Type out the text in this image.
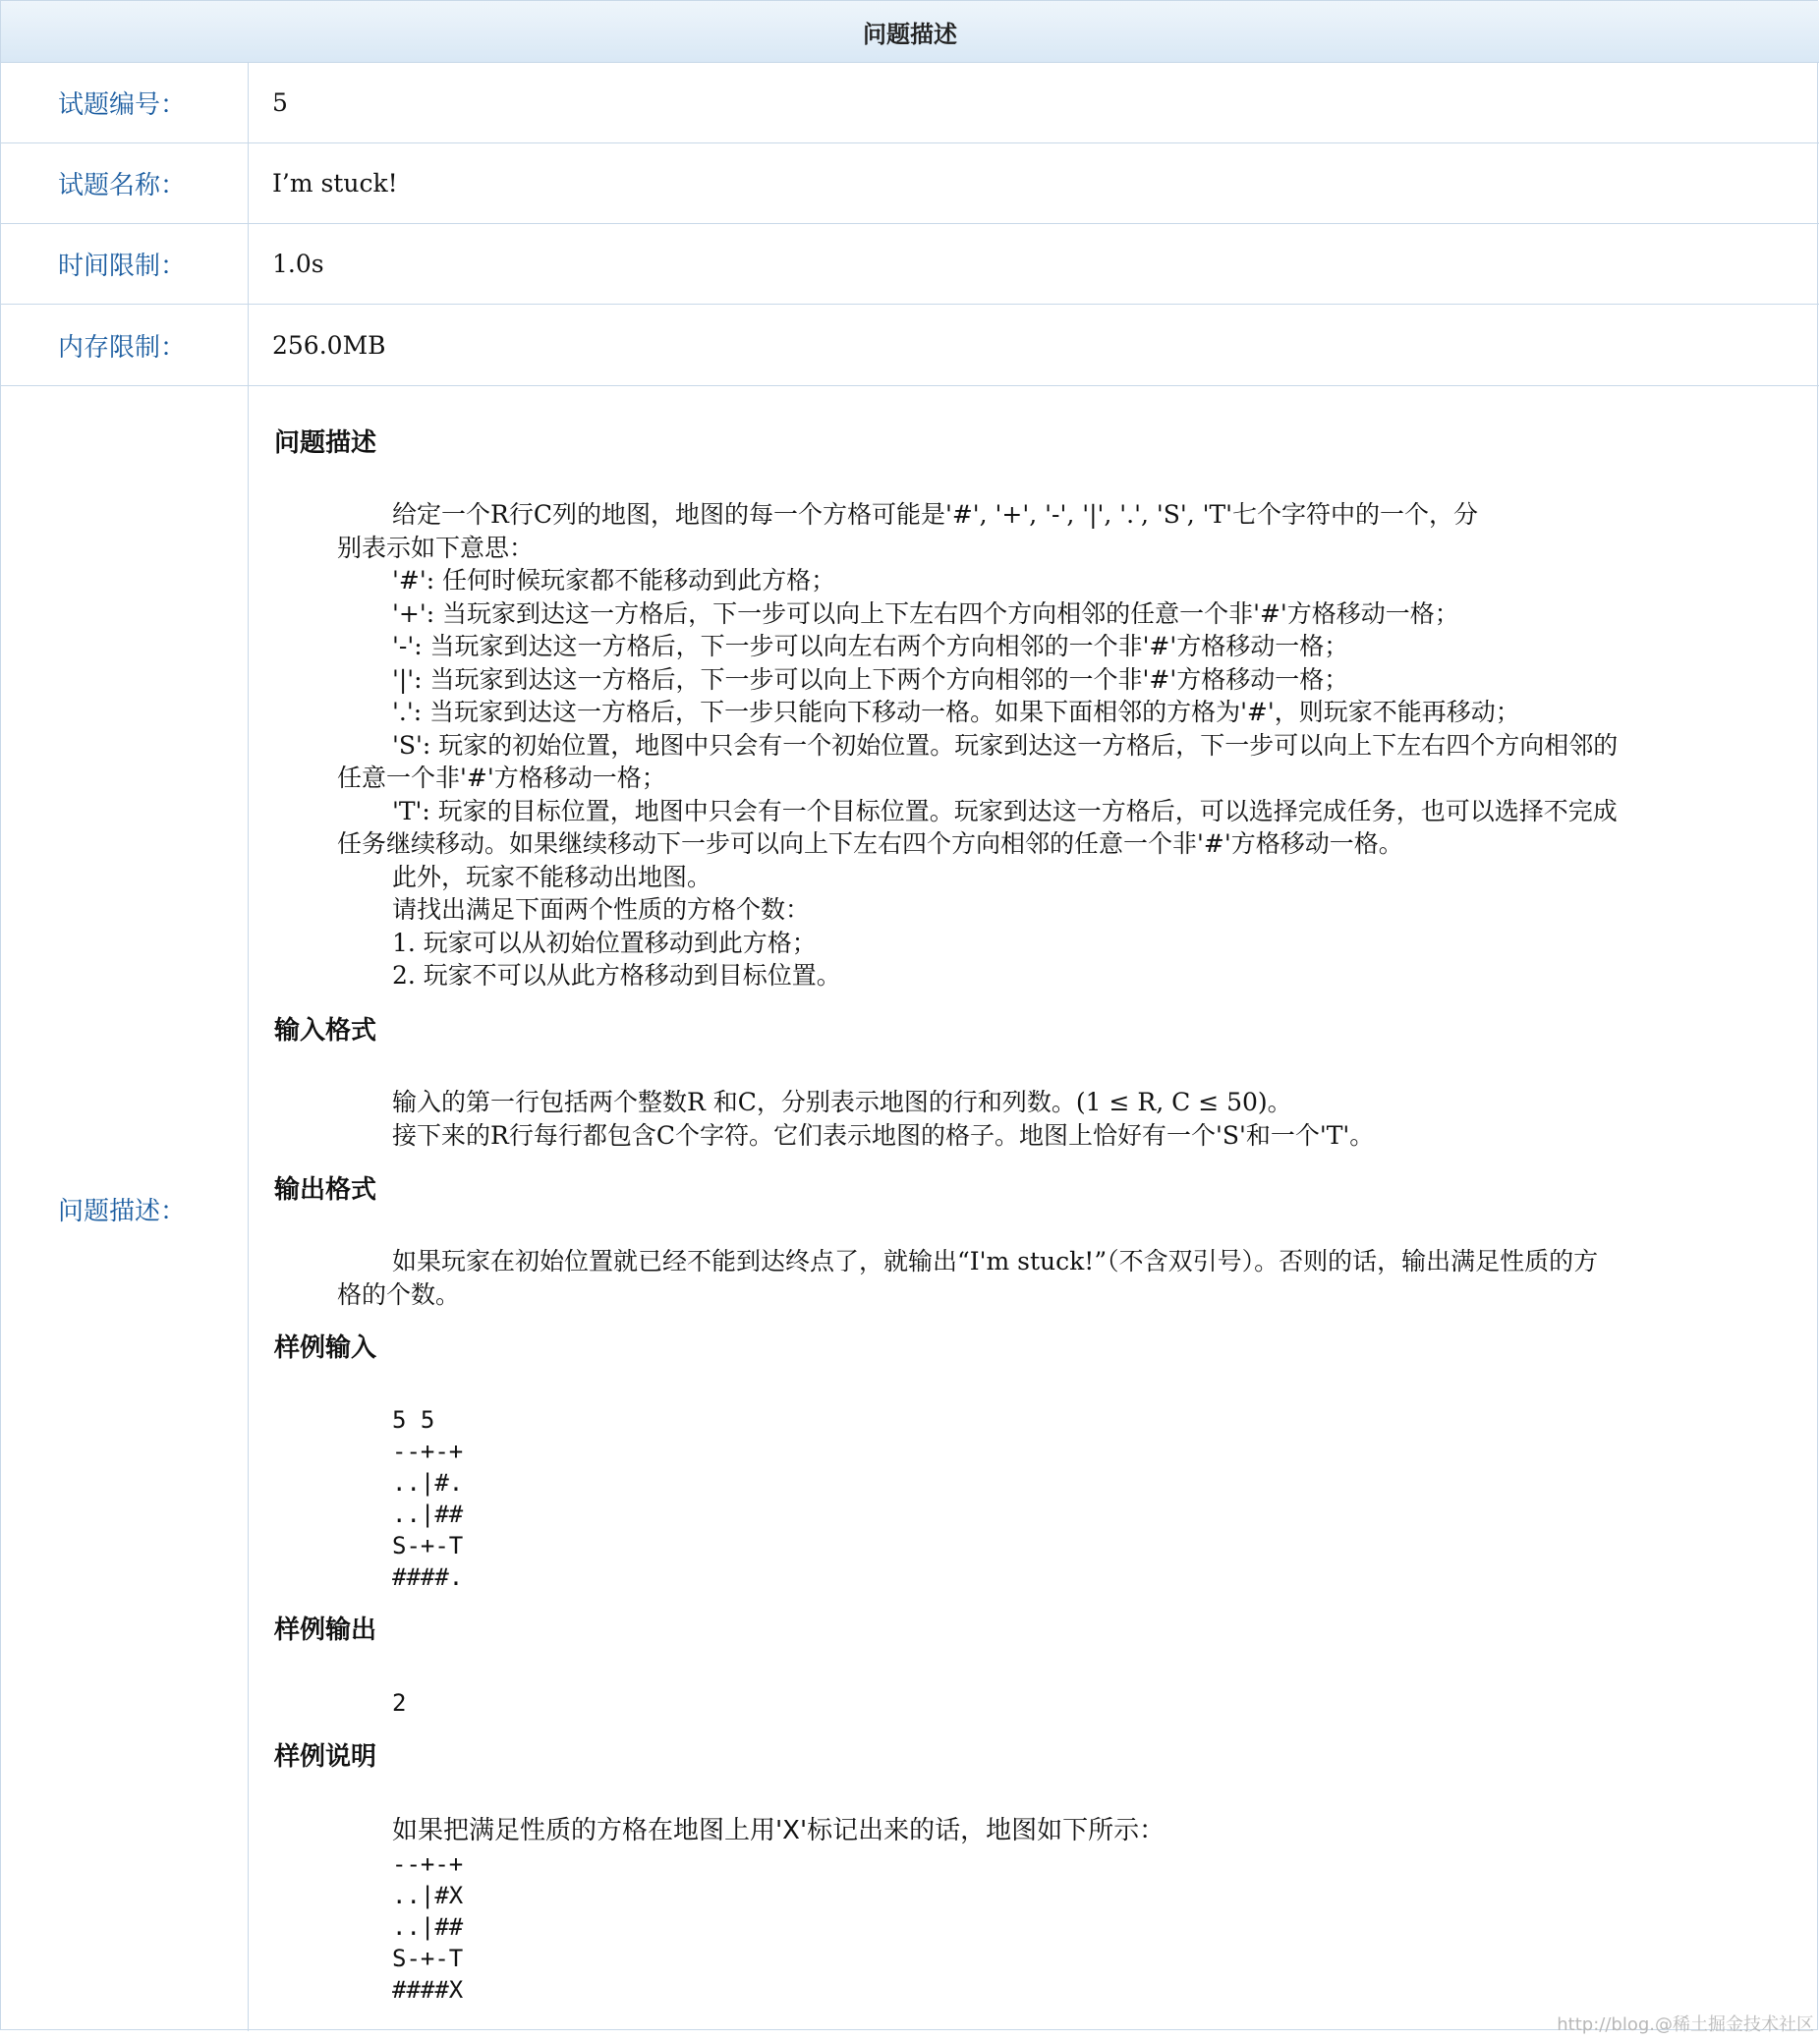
问题描述
试题编号：	5
试题名称：	I’m stuck!
时间限制：	1.0s
内存限制：	256.0MB
问题描述：
问题描述
给定一个R行C列的地图，地图的每一个方格可能是'#', '+', '-', '|', '.', 'S', 'T'七个字符中的一个，分
别表示如下意思：
'#': 任何时候玩家都不能移动到此方格；
'+': 当玩家到达这一方格后，下一步可以向上下左右四个方向相邻的任意一个非'#'方格移动一格；
'-': 当玩家到达这一方格后，下一步可以向左右两个方向相邻的一个非'#'方格移动一格；
'|': 当玩家到达这一方格后，下一步可以向上下两个方向相邻的一个非'#'方格移动一格；
'.': 当玩家到达这一方格后，下一步只能向下移动一格。如果下面相邻的方格为'#'，则玩家不能再移动；
'S': 玩家的初始位置，地图中只会有一个初始位置。玩家到达这一方格后，下一步可以向上下左右四个方向相邻的
任意一个非'#'方格移动一格；
'T': 玩家的目标位置，地图中只会有一个目标位置。玩家到达这一方格后，可以选择完成任务，也可以选择不完成
任务继续移动。如果继续移动下一步可以向上下左右四个方向相邻的任意一个非'#'方格移动一格。
此外，玩家不能移动出地图。
请找出满足下面两个性质的方格个数：
1. 玩家可以从初始位置移动到此方格；
2. 玩家不可以从此方格移动到目标位置。
输入格式
输入的第一行包括两个整数R 和C，分别表示地图的行和列数。(1 ≤ R, C ≤ 50)。
接下来的R行每行都包含C个字符。它们表示地图的格子。地图上恰好有一个'S'和一个'T'。
输出格式
如果玩家在初始位置就已经不能到达终点了，就输出“I'm stuck!”（不含双引号）。否则的话，输出满足性质的方
格的个数。
样例输入
5 5
--+-+
..|#.
..|##
S-+-T
####.
样例输出
2
样例说明
如果把满足性质的方格在地图上用'X'标记出来的话，地图如下所示：
--+-+
..|#X
..|##
S-+-T
####X
http://blog.@稀土掘金技术社区
